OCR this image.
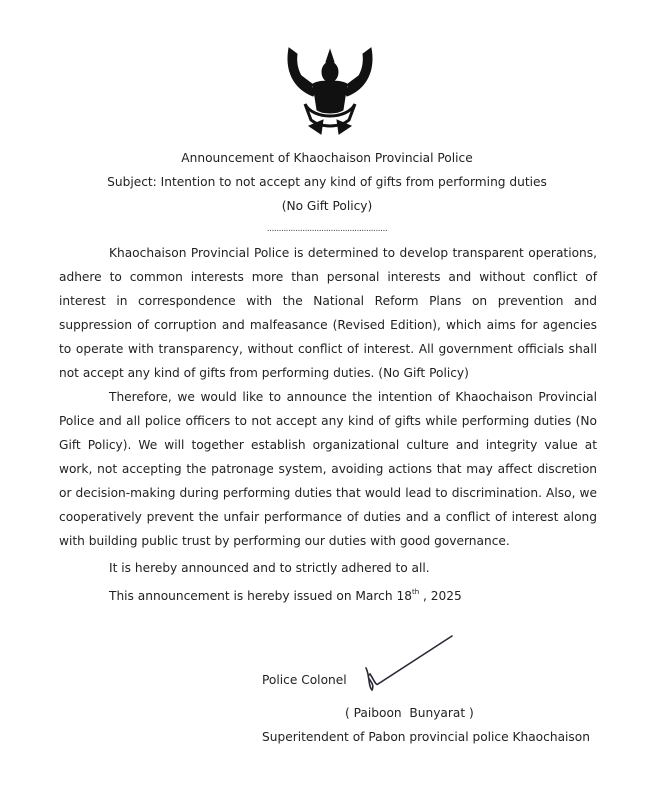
Announcement of Khaochaison Provincial Police
Subject: Intention to not accept any kind of gifts from performing duties
(No Gift Policy)
...................................................
Khaochaison Provincial Police is determined to develop transparent operations, adhere to common interests more than personal interests and without conflict of interest in correspondence with the National Reform Plans on prevention and suppression of corruption and malfeasance (Revised Edition), which aims for agencies to operate with transparency, without conflict of interest. All government officials shall not accept any kind of gifts from performing duties. (No Gift Policy)
Therefore, we would like to announce the intention of Khaochaison Provincial Police and all police officers to not accept any kind of gifts while performing duties (No Gift Policy). We will together establish organizational culture and integrity value at work, not accepting the patronage system, avoiding actions that may affect discretion or decision-making during performing duties that would lead to discrimination. Also, we cooperatively prevent the unfair performance of duties and a conflict of interest along with building public trust by performing our duties with good governance.
It is hereby announced and to strictly adhered to all.
This announcement is hereby issued on March 18th , 2025
Police Colonel
( Paiboon  Bunyarat )
Superitendent of Pabon provincial police Khaochaison
